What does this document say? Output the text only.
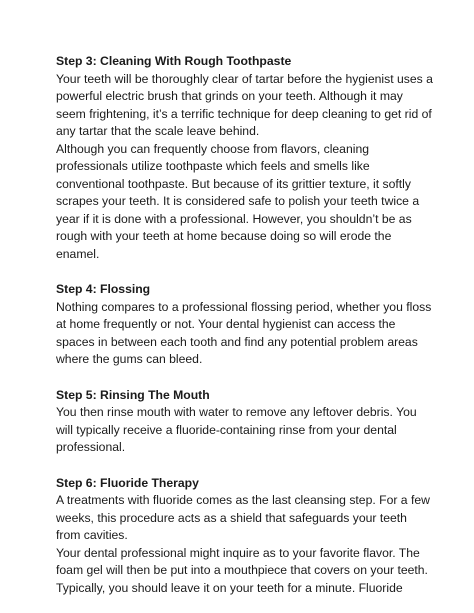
Step 3: Cleaning With Rough Toothpaste

Your teeth will be thoroughly clear of tartar before the hygienist uses a powerful electric brush that grinds on your teeth. Although it may seem frightening, it’s a terrific technique for deep cleaning to get rid of any tartar that the scale leave behind.

Although you can frequently choose from flavors, cleaning professionals utilize toothpaste which feels and smells like conventional toothpaste. But because of its grittier texture, it softly scrapes your teeth. It is considered safe to polish your teeth twice a year if it is done with a professional. However, you shouldn’t be as rough with your teeth at home because doing so will erode the enamel.

Step 4: Flossing

Nothing compares to a professional flossing period, whether you floss at home frequently or not. Your dental hygienist can access the spaces in between each tooth and find any potential problem areas where the gums can bleed.

Step 5: Rinsing The Mouth

You then rinse mouth with water to remove any leftover debris. You will typically receive a fluoride-containing rinse from your dental professional.

Step 6: Fluoride Therapy

A treatments with fluoride comes as the last cleansing step. For a few weeks, this procedure acts as a shield that safeguards your teeth from cavities.

Your dental professional might inquire as to your favorite flavor. The foam gel will then be put into a mouthpiece that covers on your teeth. Typically, you should leave it on your teeth for a minute. Fluoride
